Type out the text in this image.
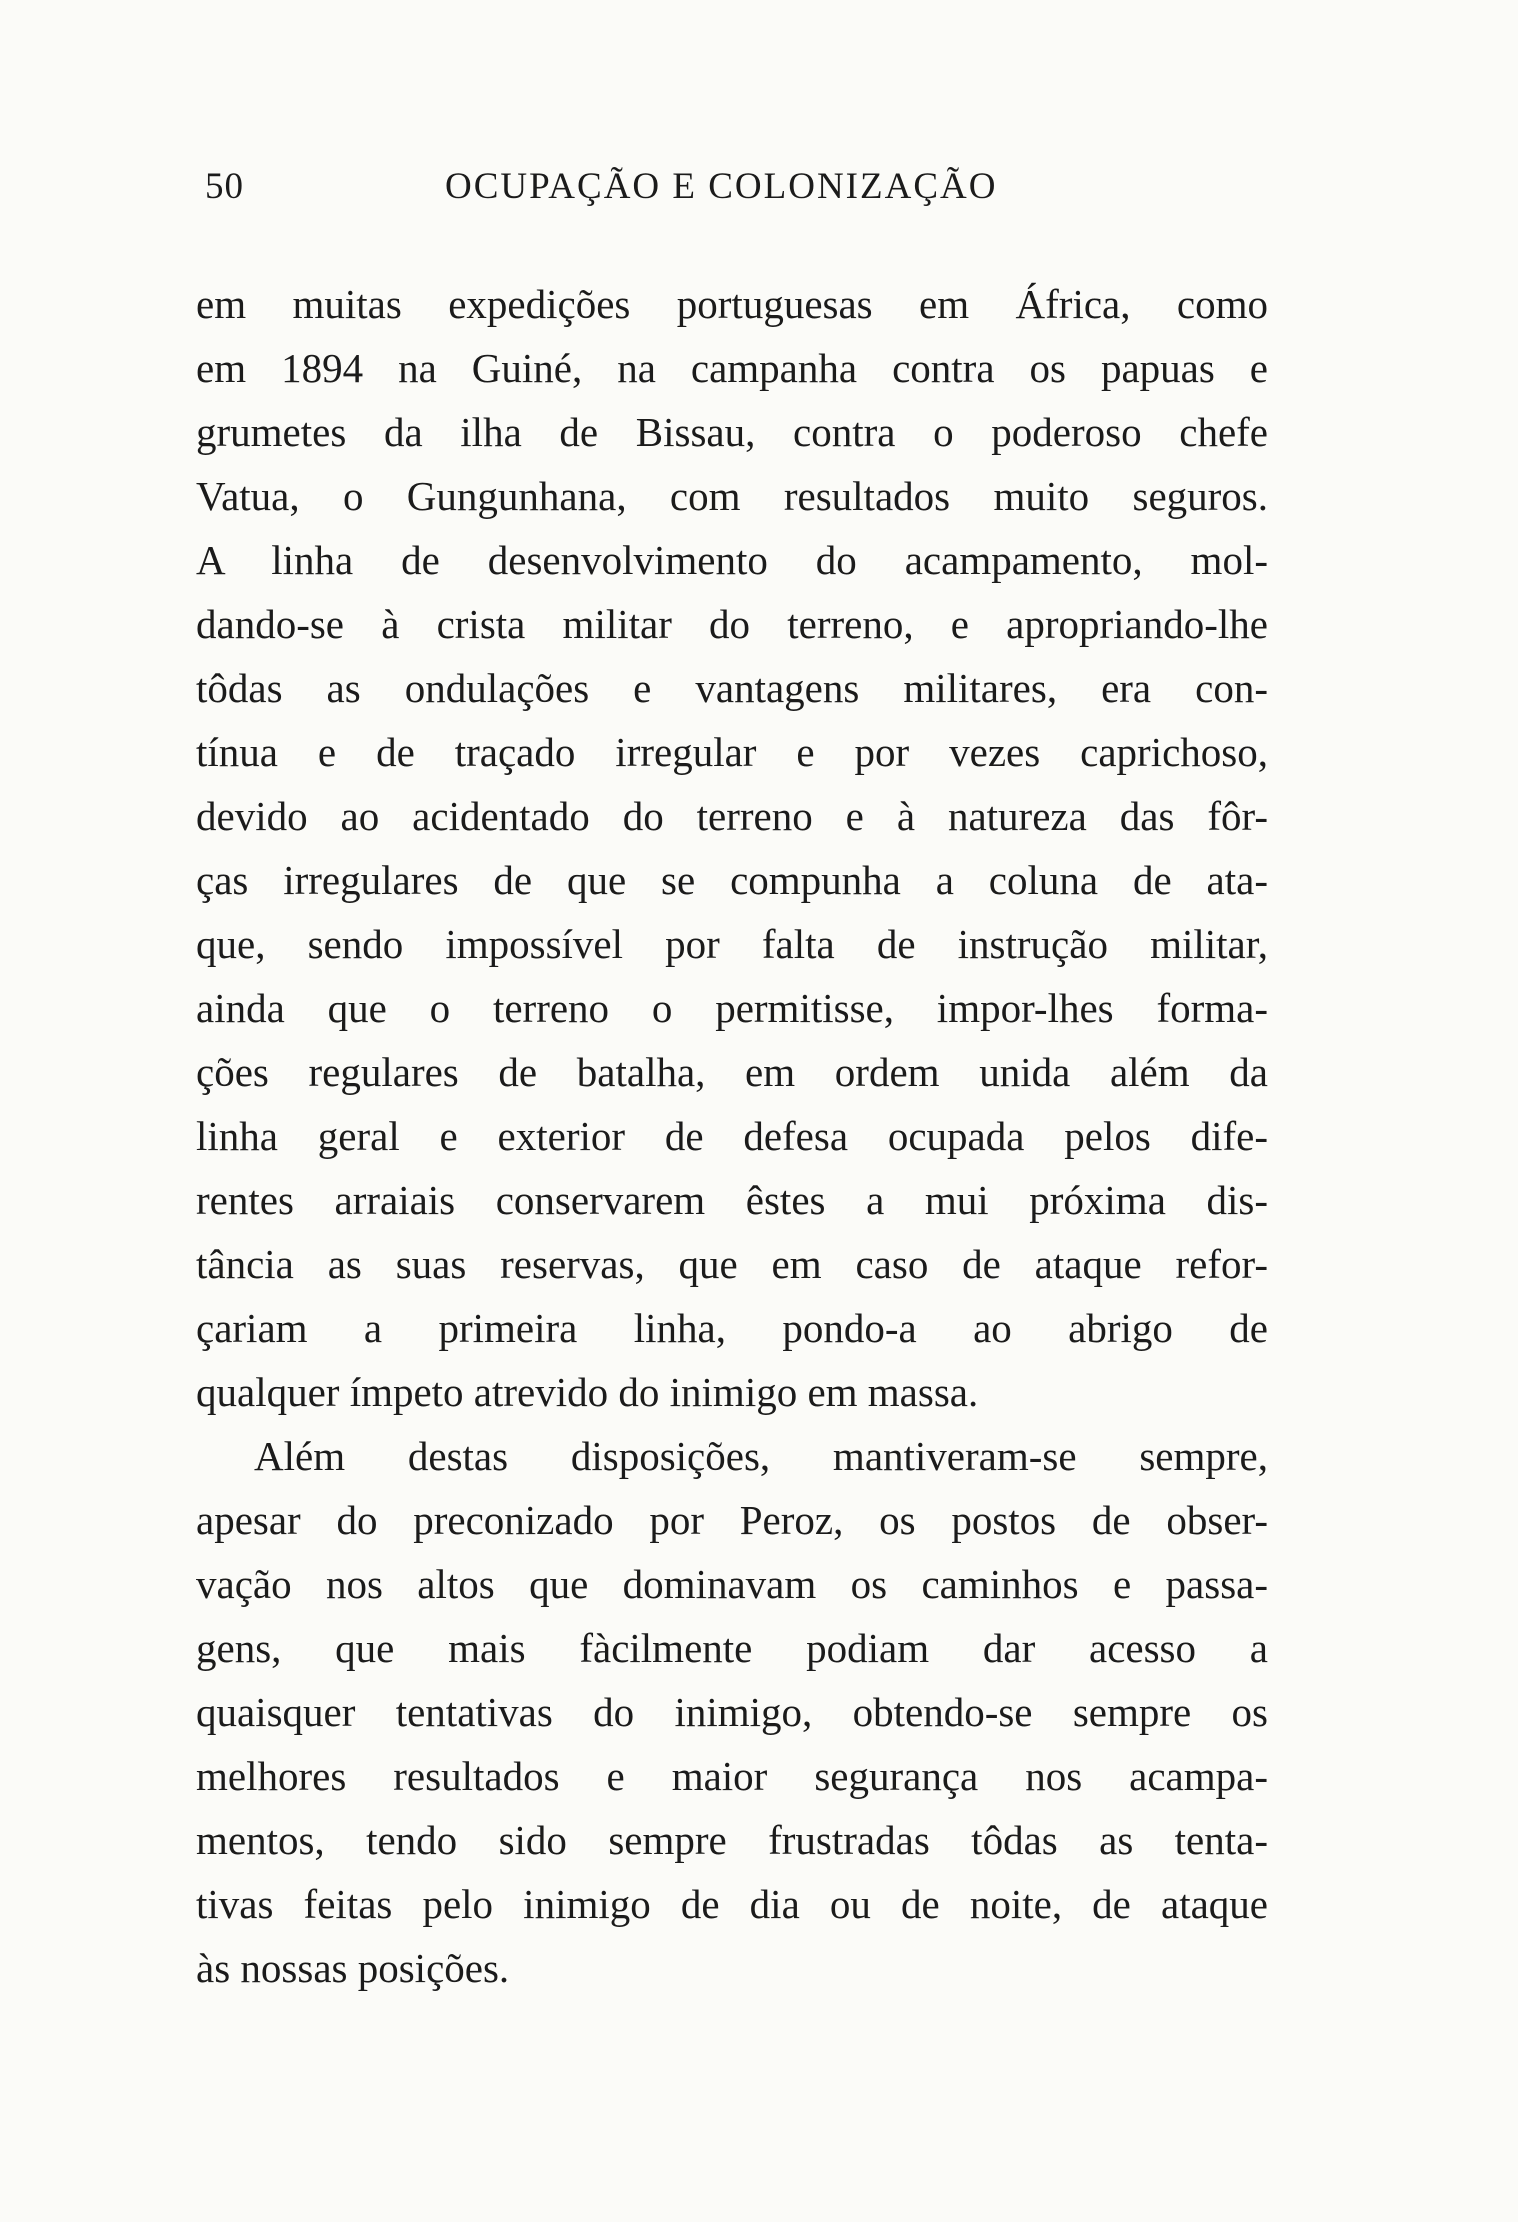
50	OCUPAÇÃO E COLONIZAÇÃO
em muitas expedições portuguesas em África, como
em 1894 na Guiné, na campanha contra os papuas e
grumetes da ilha de Bissau, contra o poderoso chefe
Vatua, o Gungunhana, com resultados muito seguros.
A linha de desenvolvimento do acampamento, mol-
dando-se à crista militar do terreno, e apropriando-lhe
tôdas as ondulações e vantagens militares, era con-
tínua e de traçado irregular e por vezes caprichoso,
devido ao acidentado do terreno e à natureza das fôr-
ças irregulares de que se compunha a coluna de ata-
que, sendo impossível por falta de instrução militar,
ainda que o terreno o permitisse, impor-lhes forma-
ções regulares de batalha, em ordem unida além da
linha geral e exterior de defesa ocupada pelos dife-
rentes arraiais conservarem êstes a mui próxima dis-
tância as suas reservas, que em caso de ataque refor-
çariam a primeira linha, pondo-a ao abrigo de
qualquer ímpeto atrevido do inimigo em massa.
Além destas disposições, mantiveram-se sempre,
apesar do preconizado por Peroz, os postos de obser-
vação nos altos que dominavam os caminhos e passa-
gens, que mais fàcilmente podiam dar acesso a
quaisquer tentativas do inimigo, obtendo-se sempre os
melhores resultados e maior segurança nos acampa-
mentos, tendo sido sempre frustradas tôdas as tenta-
tivas feitas pelo inimigo de dia ou de noite, de ataque
às nossas posições.
